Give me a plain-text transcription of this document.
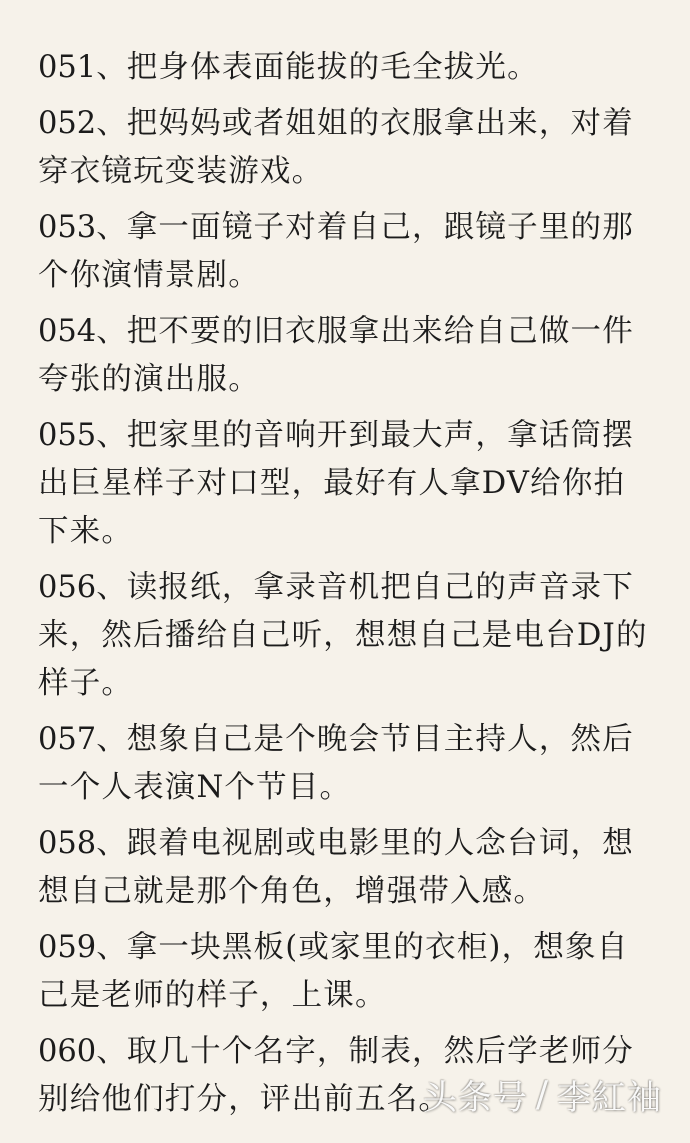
051、把身体表面能拔的毛全拔光。
052、把妈妈或者姐姐的衣服拿出来，对着穿衣镜玩变装游戏。
053、拿一面镜子对着自己，跟镜子里的那个你演情景剧。
054、把不要的旧衣服拿出来给自己做一件夸张的演出服。
055、把家里的音响开到最大声，拿话筒摆出巨星样子对口型，最好有人拿DV给你拍下来。
056、读报纸，拿录音机把自己的声音录下来，然后播给自己听，想想自己是电台DJ的样子。
057、想象自己是个晚会节目主持人，然后一个人表演N个节目。
058、跟着电视剧或电影里的人念台词，想想自己就是那个角色，增强带入感。
059、拿一块黑板(或家里的衣柜)，想象自己是老师的样子，上课。
060、取几十个名字，制表，然后学老师分别给他们打分，评出前五名。
头条号 / 李紅袖
